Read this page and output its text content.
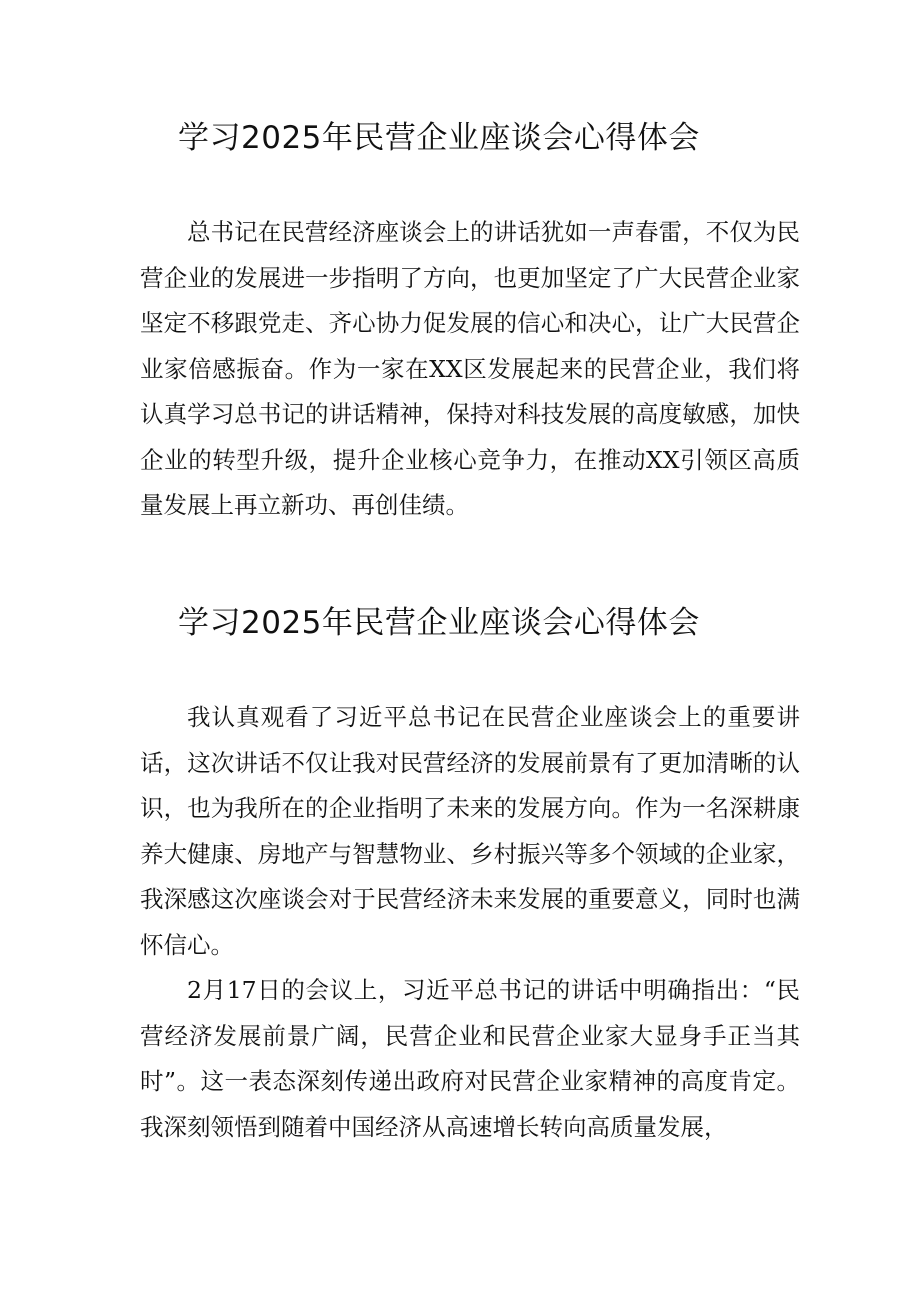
学习2025年民营企业座谈会心得体会

总书记在民营经济座谈会上的讲话犹如一声春雷，不仅为民营企业的发展进一步指明了方向，也更加坚定了广大民营企业家坚定不移跟党走、齐心协力促发展的信心和决心，让广大民营企业家倍感振奋。作为一家在XX区发展起来的民营企业，我们将认真学习总书记的讲话精神，保持对科技发展的高度敏感，加快企业的转型升级，提升企业核心竞争力，在推动XX引领区高质量发展上再立新功、再创佳绩。

学习2025年民营企业座谈会心得体会

我认真观看了习近平总书记在民营企业座谈会上的重要讲话，这次讲话不仅让我对民营经济的发展前景有了更加清晰的认识，也为我所在的企业指明了未来的发展方向。作为一名深耕康养大健康、房地产与智慧物业、乡村振兴等多个领域的企业家，我深感这次座谈会对于民营经济未来发展的重要意义，同时也满怀信心。

2月17日的会议上，习近平总书记的讲话中明确指出：“民营经济发展前景广阔，民营企业和民营企业家大显身手正当其时”。这一表态深刻传递出政府对民营企业家精神的高度肯定。我深刻领悟到随着中国经济从高速增长转向高质量发展，
